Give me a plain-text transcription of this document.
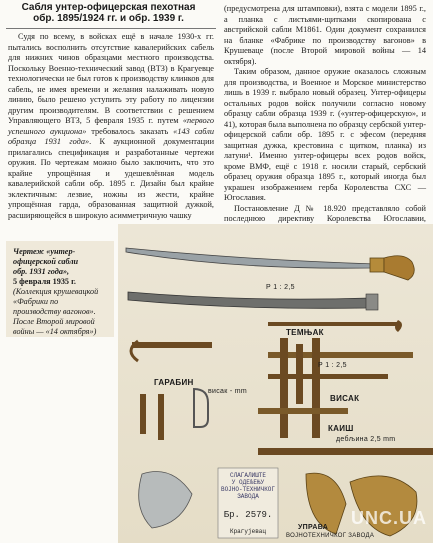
Сабля унтер-офицерская пехотная
обр. 1895/1924 гг. и обр. 1939 г.

Судя по всему, в войсках ещё в начале 1930-х гг. пытались восполнить отсутствие кавалерийских сабель для нижних чинов образцами местного производства. Поскольку Военно-технический завод (ВТЗ) в Крагуевце технологически не был готов к производству клинков для сабель, не имея времени и желания налаживать новую линию, было решено уступить эту работу по лицензии другим производителям. В соответствии с решением Управляющего ВТЗ, 5 февраля 1935 г. путем «первого успешного аукциона» требовалось заказать «143 сабли образца 1931 года». К аукционной документации прилагались спецификация и разработанные чертежи оружия. По чертежам можно было заключить, что это крайне упрощённая и удешевлённая модель кавалерийской сабли обр. 1895 г. Дизайн был крайне эклектичным: лезвие, ножны из жести, крайне упрощённая гарда, образованная защитной дужкой, расширяющейся в широкую асимметричную чашку

(предусмотрена для штамповки), взята с модели 1895 г., а планка с листьями-щитками скопирована с австрийской сабли М1861. Один документ сохранился на бланке «Фабрике по производству вагонов» в Крушеваце (после Второй мировой войны — 14 октября).

Таким образом, данное оружие оказалось сложным для производства, и Военное и Морское министерство лишь в 1939 г. выбрало новый образец. Унтер-офицеры остальных родов войск получили согласно новому образцу сабли образца 1939 г. («унтер-офицерскую», и 41), которая была выполнена по образцу сербской унтер-офицерской сабли обр. 1895 г. с эфесом (передняя защитная дужка, крестовина с щитком, планка) из латуни¹. Именно унтер-офицеры всех родов войск, кроме ВМФ, ещё с 1918 г. носили старый, сербский образец оружия образца 1895 г., который иногда был украшен изображением герба Королевства СХС — Югославия.

Постановление Д № 18.920 представляло собой последнюю директиву Королевства Югославии,

Чертеж «унтер-
офицерской сабли
обр. 1931 года»,

5 февраля 1935 г.
(Коллекция крушевацкой «Фабрики по производству вагонов». После Второй мировой войны — «14 октября»)
Р 1 : 2,5
ТЕМЊАК
Р 1 : 2,5
ГАРАБИН
висак - mm
ВИСАК
КАИШ
дебљина 2,5 mm
СЛАГАЛИШТЕ
У ОДЕЉЕЊУ
ВОЈНО-ТЕХНИЧКОГ ЗАВОДА
Бр. 2579.
Крагујевац
УПРАВА
ВОЈНОТЕХНИЧКОГ ЗАВОДА
UNC.UA
